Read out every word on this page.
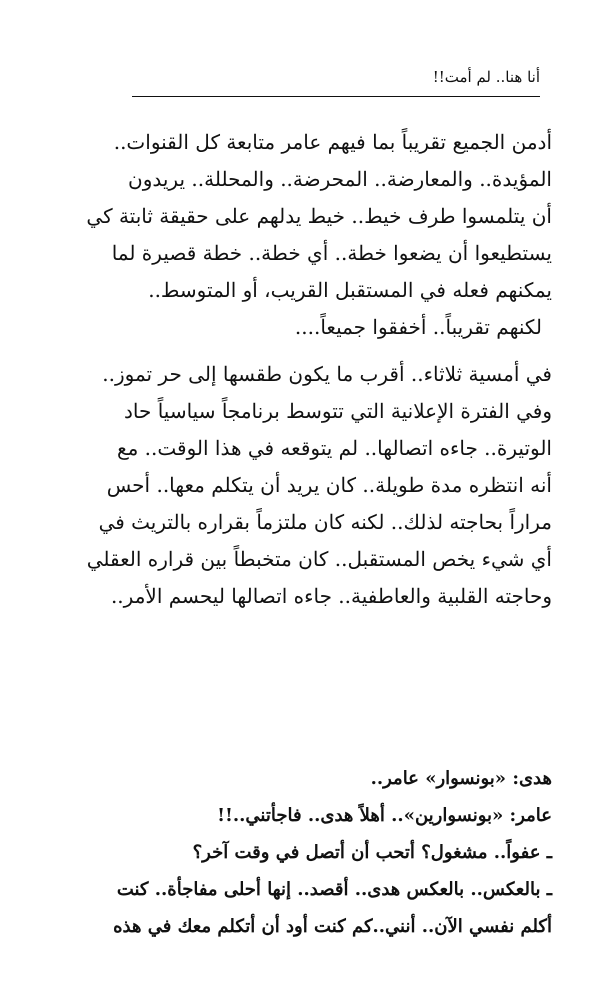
أنا هنا.. لم أمت!!
أدمن الجميع تقريباً بما فيهم عامر متابعة كل القنوات..
المؤيدة.. والمعارضة.. المحرضة.. والمحللة.. يريدون
أن يتلمسوا طرف خيط.. خيط يدلهم على حقيقة ثابتة كي
يستطيعوا أن يضعوا خطة.. أي خطة.. خطة قصيرة لما
يمكنهم فعله في المستقبل القريب، أو المتوسط..
لكنهم تقريباً.. أخفقوا جميعاً....
في أمسية ثلاثاء.. أقرب ما يكون طقسها إلى حر تموز..
وفي الفترة الإعلانية التي تتوسط برنامجاً سياسياً حاد
الوتيرة.. جاءه اتصالها.. لم يتوقعه في هذا الوقت.. مع
أنه انتظره مدة طويلة.. كان يريد أن يتكلم معها.. أحس
مراراً بحاجته لذلك.. لكنه كان ملتزماً بقراره بالتريث في
أي شيء يخص المستقبل.. كان متخبطاً بين قراره العقلي
وحاجته القلبية والعاطفية.. جاءه اتصالها ليحسم الأمر..
هدى: «بونسوار» عامر..
عامر: «بونسوارين».. أهلاً هدى.. فاجأتني..!!
ـ عفواً.. مشغول؟ أتحب أن أتصل في وقت آخر؟
ـ بالعكس.. بالعكس هدى.. أقصد.. إنها أحلى مفاجأة.. كنت
أكلم نفسي الآن.. أنني..كم كنت أود أن أتكلم معك في هذه
